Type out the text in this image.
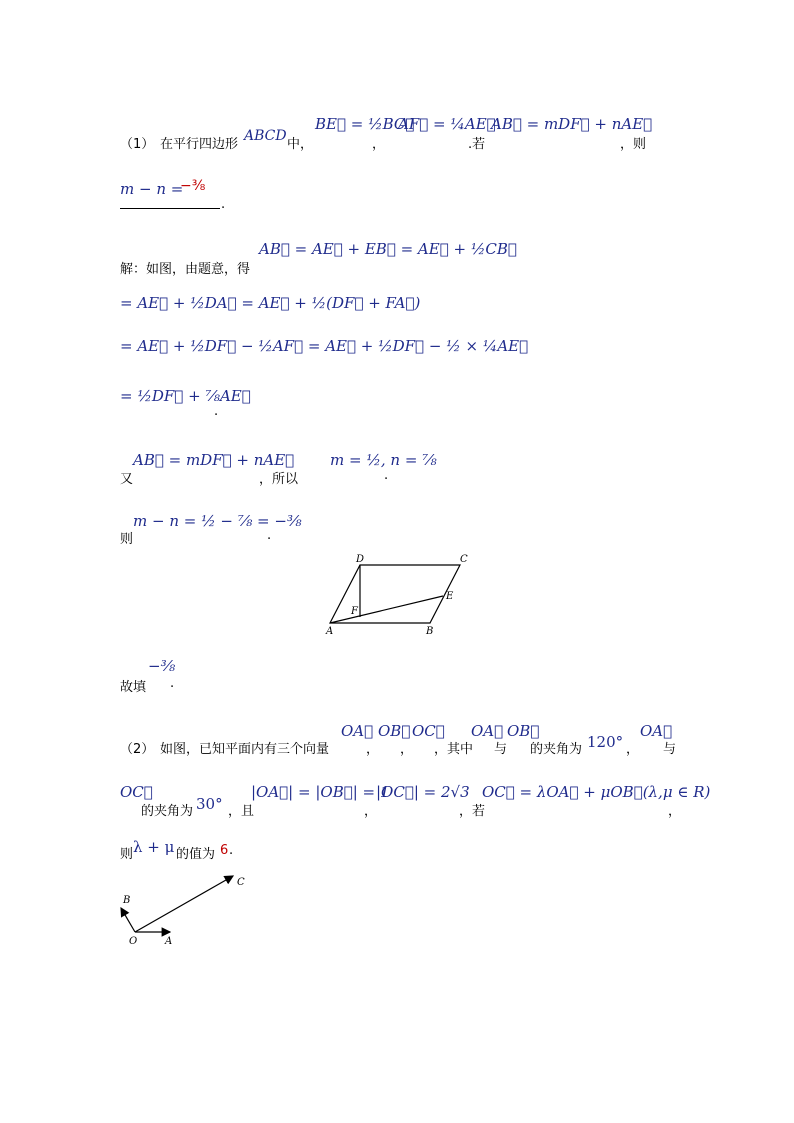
（1） 在平行四边形
ABCD
中，
BE⃗ = ½BC⃗
，
AF⃗ = ¼AE⃗
.若
AB⃗ = mDF⃗ + nAE⃗
，则
m − n =
−⅜
.
解：如图，由题意，得
AB⃗ = AE⃗ + EB⃗ = AE⃗ + ½CB⃗
= AE⃗ + ½DA⃗ = AE⃗ + ½(DF⃗ + FA⃗)
= AE⃗ + ½DF⃗ − ½AF⃗ = AE⃗ + ½DF⃗ − ½ × ¼AE⃗
= ½DF⃗ + ⅞AE⃗
.
又
AB⃗ = mDF⃗ + nAE⃗
，所以
m = ½, n = ⅞
.
则
m − n = ½ − ⅞ = −⅜
.
D	C
E
F
A	B
故填
−⅜
.
（2） 如图，已知平面内有三个向量
OA⃗
，
OB⃗
，
OC⃗
，其中
OA⃗
与
OB⃗
的夹角为 120° ，
OA⃗
与
OC⃗
的夹角为 30° ，且
|OA⃗| = |OB⃗| = 1
，
|OC⃗| = 2√3
，若
OC⃗ = λOA⃗ + μOB⃗(λ,μ ∈ R)
，
则 λ + μ 的值为 6 .
B
C
O	A
